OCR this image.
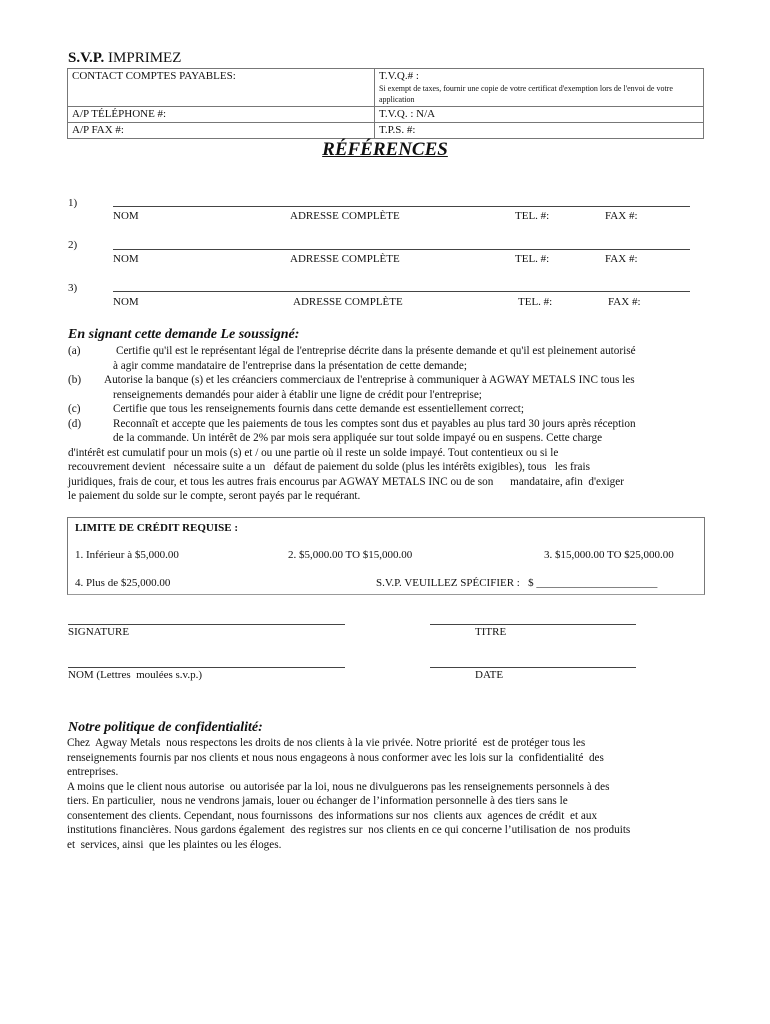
S.V.P. IMPRIMEZ
CONTACT COMPTES PAYABLES:	T.V.Q.# :
Si exempt de taxes, fournir une copie de votre certificat d'exemption lors de l'envoi de votre application

A/P TÉLÉPHONE #:	T.V.Q. : N/A
A/P FAX #:	T.P.S. #:
RÉFÉRENCES
1)
NOM	ADRESSE COMPLÈTE	TEL. #:	FAX #:
2)
NOM	ADRESSE COMPLÈTE	TEL. #:	FAX #:
3)
NOM	ADRESSE COMPLÈTE	TEL. #:	FAX #:
En signant cette demande Le soussigné:
(a)	Certifie qu'il est le représentant légal de l'entreprise décrite dans la présente demande et qu'il est pleinement autorisé
à agir comme mandataire de l'entreprise dans la présentation de cette demande;
(b) Autorise la banque (s) et les créanciers commerciaux de l'entreprise à communiquer à AGWAY METALS INC tous les
renseignements demandés pour aider à établir une ligne de crédit pour l'entreprise;
(c)	Certifie que tous les renseignements fournis dans cette demande est essentiellement correct;
(d)	Reconnaît et accepte que les paiements de tous les comptes sont dus et payables au plus tard 30 jours après réception
de la commande. Un intérêt de 2% par mois sera appliquée sur tout solde impayé ou en suspens. Cette charge
d'intérêt est cumulatif pour un mois (s) et / ou une partie où il reste un solde impayé. Tout contentieux ou si le
recouvrement devient   nécessaire suite a un   défaut de paiement du solde (plus les intérêts exigibles), tous   les frais
juridiques, frais de cour, et tous les autres frais encourus par AGWAY METALS INC ou de son      mandataire, afin  d'exiger
le paiement du solde sur le compte, seront payés par le requérant.
LIMITE DE CRÉDIT REQUISE :
1. Inférieur à $5,000.00	2. $5,000.00 TO $15,000.00	3. $15,000.00 TO $25,000.00
4. Plus de $25,000.00	S.V.P. VEUILLEZ SPÉCIFIER :   $ ______________________
SIGNATURE	TITRE
NOM (Lettres  moulées s.v.p.)	DATE
Notre politique de confidentialité:

Chez  Agway Metals  nous respectons les droits de nos clients à la vie privée. Notre priorité  est de protéger tous les

renseignements fournis par nos clients et nous nous engageons à nous conformer avec les lois sur la  confidentialité  des

entreprises.

A moins que le client nous autorise  ou autorisée par la loi, nous ne divulguerons pas les renseignements personnels à des

tiers. En particulier,  nous ne vendrons jamais, louer ou échanger de l’information personnelle à des tiers sans le

consentement des clients. Cependant, nous fournissons  des informations sur nos  clients aux  agences de crédit  et aux

institutions financières. Nous gardons également  des registres sur  nos clients en ce qui concerne l’utilisation de  nos produits

et  services, ainsi  que les plaintes ou les éloges.
